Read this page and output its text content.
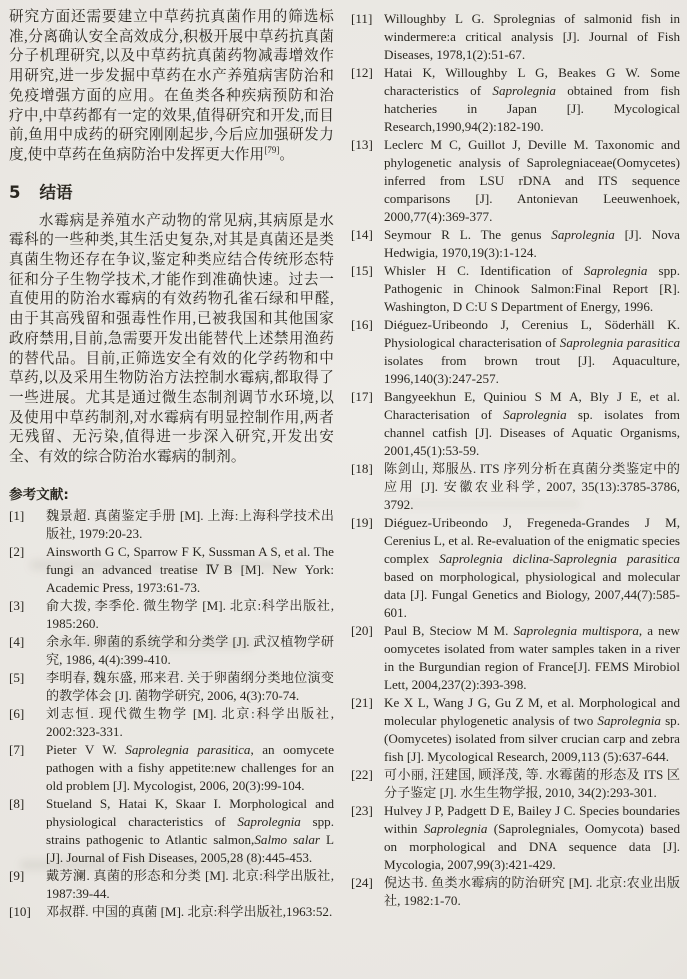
研究方面还需要建立中草药抗真菌作用的筛选标准,分离确认安全高效成分,积极开展中草药抗真菌分子机理研究,以及中草药抗真菌药物减毒增效作用研究,进一步发掘中草药在水产养殖病害防治和免疫增强方面的应用。在鱼类各种疾病预防和治疗中,中草药都有一定的效果,值得研究和开发,而目前,鱼用中成药的研究刚刚起步,今后应加强研发力度,使中草药在鱼病防治中发挥更大作用[79]。

5 结语

水霉病是养殖水产动物的常见病,其病原是水霉科的一些种类,其生活史复杂,对其是真菌还是类真菌生物还存在争议,鉴定种类应结合传统形态特征和分子生物学技术,才能作到准确快速。过去一直使用的防治水霉病的有效药物孔雀石绿和甲醛,由于其高残留和强毒性作用,已被我国和其他国家政府禁用,目前,急需要开发出能替代上述禁用渔药的替代品。目前,正筛选安全有效的化学药物和中草药,以及采用生物防治方法控制水霉病,都取得了一些进展。尤其是通过微生态制剂调节水环境,以及使用中草药制剂,对水霉病有明显控制作用,两者无残留、无污染,值得进一步深入研究,开发出安全、有效的综合防治水霉病的制剂。

参考文献:
[1]	魏景超. 真菌鉴定手册 [M]. 上海:上海科学技术出版社, 1979:20-23.
[2]	Ainsworth G C, Sparrow F K, Sussman A S, et al. The fungi an advanced treatise ⅣB [M]. New York: Academic Press, 1973:61-73.
[3]	俞大拨, 李季伦. 微生物学 [M]. 北京:科学出版社, 1985:260.
[4]	余永年. 卵菌的系统学和分类学 [J]. 武汉植物学研究, 1986, 4(4):399-410.
[5]	李明春, 魏东盛, 邢来君. 关于卵菌纲分类地位演变的教学体会 [J]. 菌物学研究, 2006, 4(3):70-74.
[6]	刘志恒. 现代微生物学 [M]. 北京:科学出版社, 2002:323-331.
[7]	Pieter V W. Saprolegnia parasitica, an oomycete pathogen with a fishy appetite:new challenges for an old problem [J]. Mycologist, 2006, 20(3):99-104.
[8]	Stueland S, Hatai K, Skaar I. Morphological and physiological characteristics of Saprolegnia spp. strains pathogenic to Atlantic salmon,Salmo salar L [J]. Journal of Fish Diseases, 2005,28 (8):445-453.
[9]	戴芳澜. 真菌的形态和分类 [M]. 北京:科学出版社, 1987:39-44.
[10]	邓叔群. 中国的真菌 [M]. 北京:科学出版社,1963:52.
[11] Willoughby L G. Sprolegnias of salmonid fish in windermere:a critical analysis [J]. Journal of Fish Diseases, 1978,1(2):51-67.
[12] Hatai K, Willoughby L G, Beakes G W. Some characteristics of Saprolegnia obtained from fish hatcheries in Japan [J]. Mycological Research,1990,94(2):182-190.
[13] Leclerc M C, Guillot J, Deville M. Taxonomic and phylogenetic analysis of Saprolegniaceae(Oomycetes) inferred from LSU rDNA and ITS sequence comparisons [J]. Antonievan Leeuwenhoek, 2000,77(4):369-377.
[14] Seymour R L. The genus Saprolegnia [J]. Nova Hedwigia, 1970,19(3):1-124.
[15] Whisler H C. Identification of Saprolegnia spp. Pathogenic in Chinook Salmon:Final Report [R]. Washington, D C:U S Department of Energy, 1996.
[16] Diéguez-Uribeondo J, Cerenius L, Söderhäll K. Physiological characterisation of Saprolegnia parasitica isolates from brown trout [J]. Aquaculture, 1996,140(3):247-257.
[17] Bangyeekhun E, Quiniou S M A, Bly J E, et al. Characterisation of Saprolegnia sp. isolates from channel catfish [J]. Diseases of Aquatic Organisms, 2001,45(1):53-59.
[18] 陈剑山, 郑服丛. ITS 序列分析在真菌分类鉴定中的应用 [J]. 安徽农业科学, 2007, 35(13):3785-3786, 3792.
[19] Diéguez-Uribeondo J, Fregeneda-Grandes J M, Cerenius L, et al. Re-evaluation of the enigmatic species complex Saprolegnia diclina-Saprolegnia parasitica based on morphological, physiological and molecular data [J]. Fungal Genetics and Biology, 2007,44(7):585-601.
[20] Paul B, Steciow M M. Saprolegnia multispora, a new oomycetes isolated from water samples taken in a river in the Burgundian region of France[J]. FEMS Mirobiol Lett, 2004,237(2):393-398.
[21] Ke X L, Wang J G, Gu Z M, et al. Morphological and molecular phylogenetic analysis of two Saprolegnia sp. (Oomycetes) isolated from silver crucian carp and zebra fish [J]. Mycological Research, 2009,113 (5):637-644.
[22] 可小丽, 汪建国, 顾泽茂, 等. 水霉菌的形态及 ITS 区分子鉴定 [J]. 水生生物学报, 2010, 34(2):293-301.
[23] Hulvey J P, Padgett D E, Bailey J C. Species boundaries within Saprolegnia (Saprolegniales, Oomycota) based on morphological and DNA sequence data [J]. Mycologia, 2007,99(3):421-429.
[24] 倪达书. 鱼类水霉病的防治研究 [M]. 北京:农业出版社, 1982:1-70.
